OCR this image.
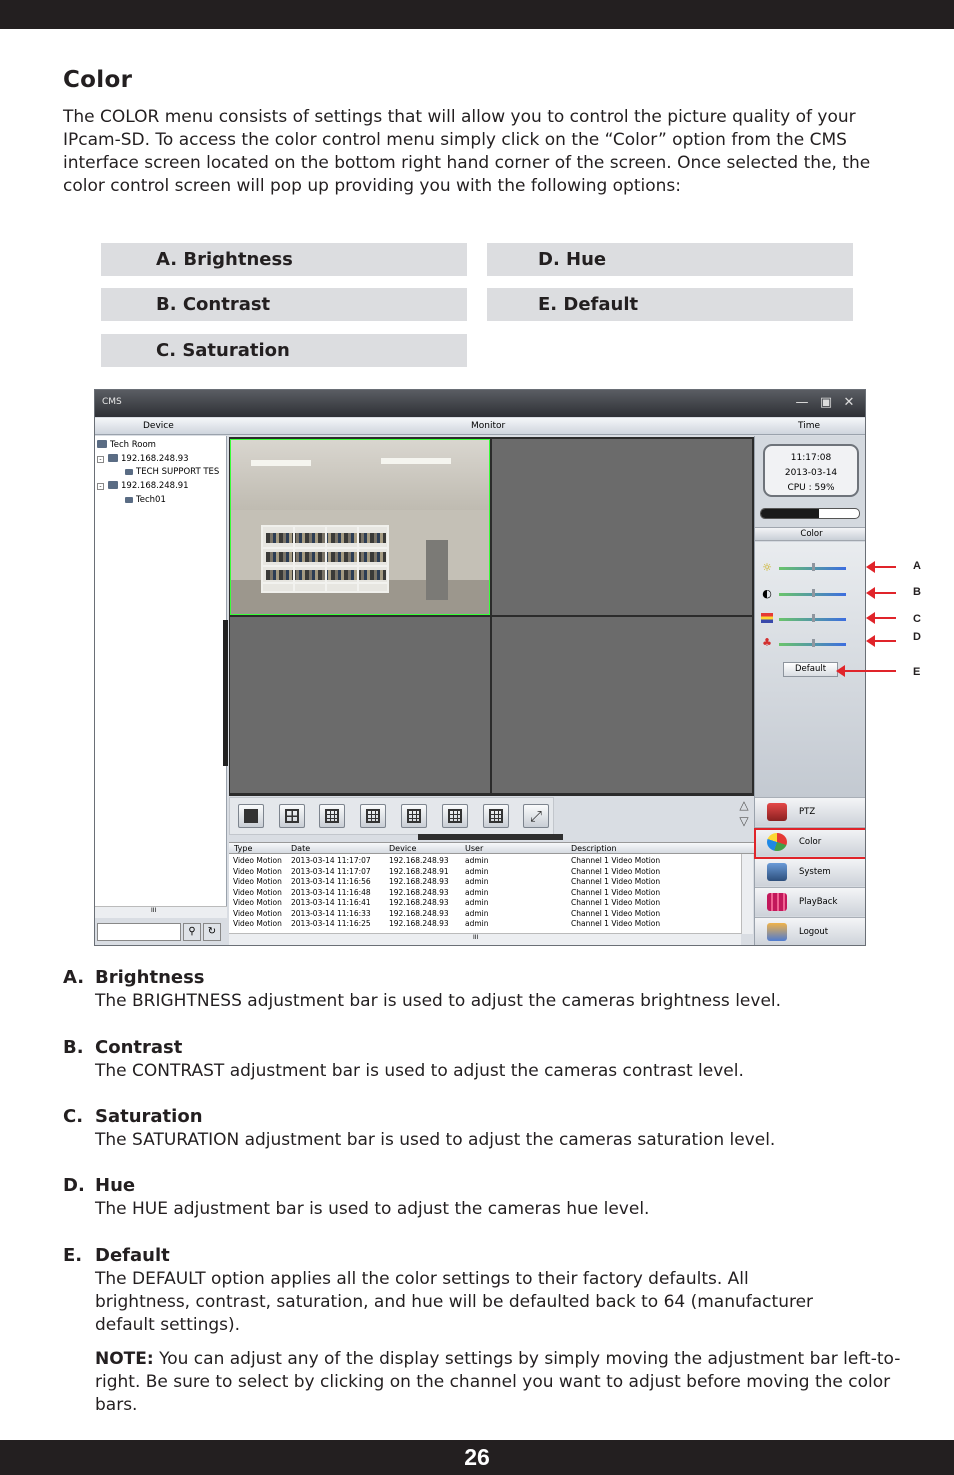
Color

The COLOR menu consists of settings that will allow you to control the picture quality of your IPcam-SD. To access the color control menu simply click on the “Color” option from the CMS interface screen located on the bottom right hand corner of the screen. Once selected the, the color control screen will pop up providing you with the following options:

A. Brightness	D. Hue
B. Contrast	E. Default
C. Saturation
CMS	— ▣ ✕
Device	Monitor	Time
Tech Room
- 192.168.248.93
TECH SUPPORT TES
- 192.168.248.91
Tech01
III
⚲	↻
⤢
△
▽
Type	Date	Device	User	Description
Video Motion 2013-03-14 11:17:07 192.168.248.93 admin	Channel 1 Video Motion
Video Motion 2013-03-14 11:17:07 192.168.248.91 admin	Channel 1 Video Motion
Video Motion 2013-03-14 11:16:56 192.168.248.93 admin	Channel 1 Video Motion
Video Motion 2013-03-14 11:16:48 192.168.248.93 admin	Channel 1 Video Motion
Video Motion 2013-03-14 11:16:41 192.168.248.93 admin	Channel 1 Video Motion
Video Motion 2013-03-14 11:16:33 192.168.248.93 admin	Channel 1 Video Motion
Video Motion 2013-03-14 11:16:25 192.168.248.93 admin	Channel 1 Video Motion
III
11:17:08
2013-03-14
CPU : 59%
Color
☼
◐
♣
Default
PTZ
Color
System
PlayBack
Logout
A
B
C
D
E
A. Brightness

The BRIGHTNESS adjustment bar is used to adjust the cameras brightness level.

B. Contrast

The CONTRAST adjustment bar is used to adjust the cameras contrast level.

C. Saturation

The SATURATION adjustment bar is used to adjust the cameras saturation level.

D. Hue

The HUE adjustment bar is used to adjust the cameras hue level.

E. Default

The DEFAULT option applies all the color settings to their factory defaults. All brightness, contrast, saturation, and hue will be defaulted back to 64 (manufacturer default settings).

NOTE: You can adjust any of the display settings by simply moving the adjustment bar left-to-right. Be sure to select by clicking on the channel you want to adjust before moving the color bars.

26
